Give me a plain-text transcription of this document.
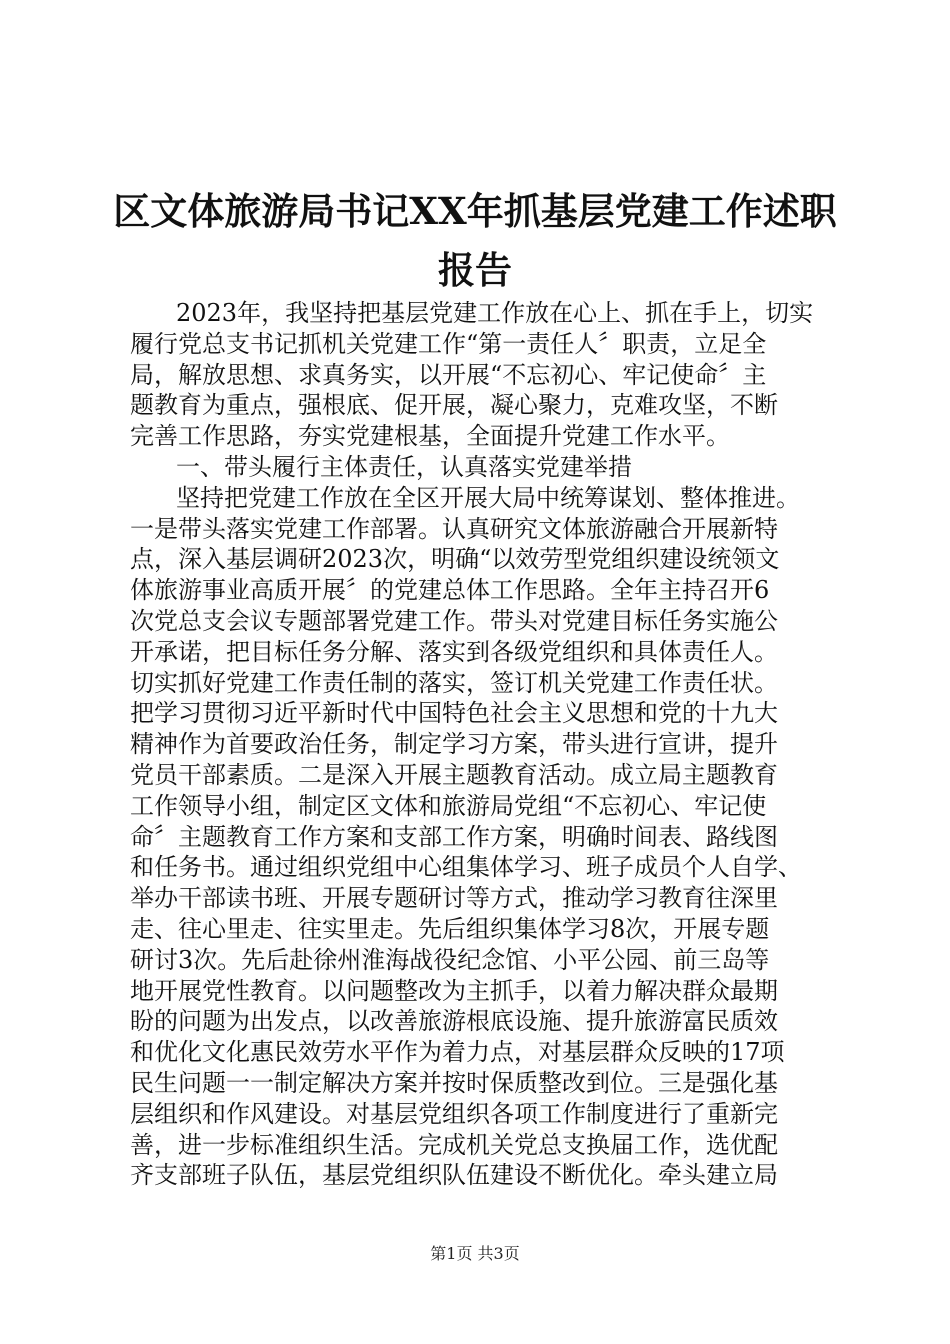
区文体旅游局书记XX年抓基层党建工作述职
报告
2023年，我坚持把基层党建工作放在心上、抓在手上，切实
履行党总支书记抓机关党建工作“第一责任人〞职责，立足全
局，解放思想、求真务实，以开展“不忘初心、牢记使命〞主
题教育为重点，强根底、促开展，凝心聚力，克难攻坚，不断
完善工作思路，夯实党建根基，全面提升党建工作水平。
一、带头履行主体责任，认真落实党建举措
坚持把党建工作放在全区开展大局中统筹谋划、整体推进。
一是带头落实党建工作部署。认真研究文体旅游融合开展新特
点，深入基层调研2023次，明确“以效劳型党组织建设统领文
体旅游事业高质开展〞的党建总体工作思路。全年主持召开6
次党总支会议专题部署党建工作。带头对党建目标任务实施公
开承诺，把目标任务分解、落实到各级党组织和具体责任人。
切实抓好党建工作责任制的落实，签订机关党建工作责任状。
把学习贯彻习近平新时代中国特色社会主义思想和党的十九大
精神作为首要政治任务，制定学习方案，带头进行宣讲，提升
党员干部素质。二是深入开展主题教育活动。成立局主题教育
工作领导小组，制定区文体和旅游局党组“不忘初心、牢记使
命〞主题教育工作方案和支部工作方案，明确时间表、路线图
和任务书。通过组织党组中心组集体学习、班子成员个人自学、
举办干部读书班、开展专题研讨等方式，推动学习教育往深里
走、往心里走、往实里走。先后组织集体学习8次，开展专题
研讨3次。先后赴徐州淮海战役纪念馆、小平公园、前三岛等
地开展党性教育。以问题整改为主抓手，以着力解决群众最期
盼的问题为出发点，以改善旅游根底设施、提升旅游富民质效
和优化文化惠民效劳水平作为着力点，对基层群众反映的17项
民生问题一一制定解决方案并按时保质整改到位。三是强化基
层组织和作风建设。对基层党组织各项工作制度进行了重新完
善，进一步标准组织生活。完成机关党总支换届工作，选优配
齐支部班子队伍，基层党组织队伍建设不断优化。牵头建立局
第1页 共3页
